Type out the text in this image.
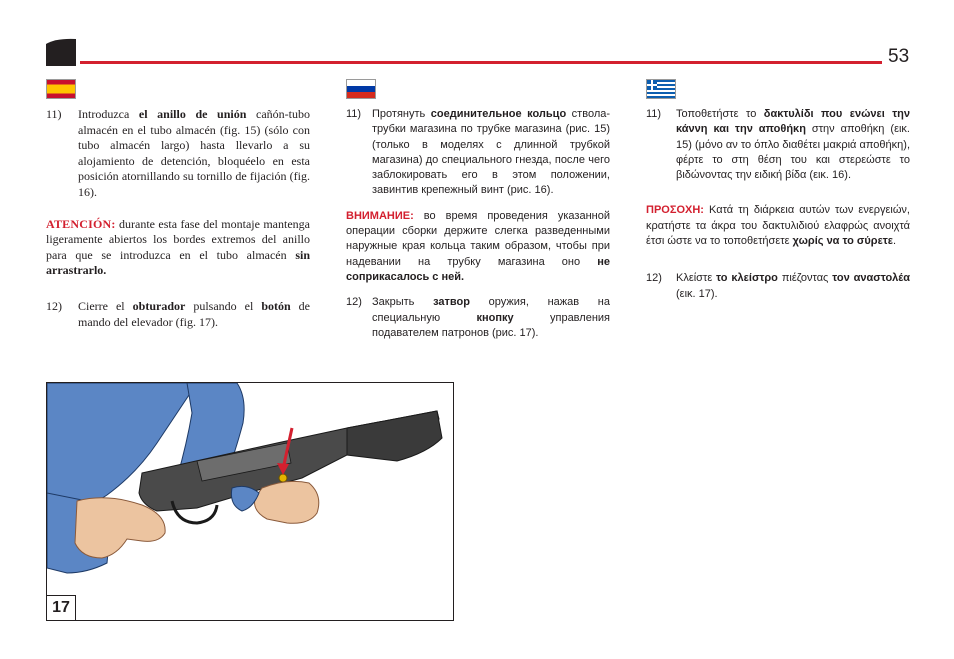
53
11)	Introduzca el anillo de unión cañón-tubo almacén en el tubo almacén (fig. 15) (sólo con tubo almacén largo) hasta llevarlo a su alojamiento de detención, bloquéelo en esta posición atornillando su tornillo de fijación (fig. 16).
ATENCIÓN: durante esta fase del montaje mantenga ligeramente abiertos los bordes extremos del anillo para que se introduzca en el tubo almacén sin arrastrarlo.
12)	Cierre el obturador pulsando el botón de mando del elevador (fig. 17).
11) Протянуть соединительное кольцо ствола-трубки магазина по трубке магазина (рис. 15) (только в моделях с длинной трубкой магазина) до специального гнезда, после чего заблокировать его в этом положении, завинтив крепежный винт (рис. 16).
ВНИМАНИЕ: во время проведения указанной операции сборки держите слегка разведенными наружные края кольца таким образом, чтобы при надевании на трубку магазина оно не соприкасалось с ней.
12) Закрыть затвор оружия, нажав на специальную кнопку управления подавателем патронов (рис. 17).
11)	Τοποθετήστε το δακτυλίδι που ενώνει την κάννη και την αποθήκη στην αποθήκη (εικ. 15) (μόνο αν το όπλο διαθέτει μακριά αποθήκη), φέρτε το στη θέση του και στερεώστε το βιδώνοντας την ειδική βίδα (εικ. 16).
ΠΡΟΣΟΧΗ: Κατά τη διάρκεια αυτών των ενεργειών, κρατήστε τα άκρα του δακτυλιδιού ελαφρώς ανοιχτά έτσι ώστε να το τοποθετήσετε χωρίς να το σύρετε.
12)	Κλείστε το κλείστρο πιέζοντας τον αναστολέα (εικ. 17).
17
